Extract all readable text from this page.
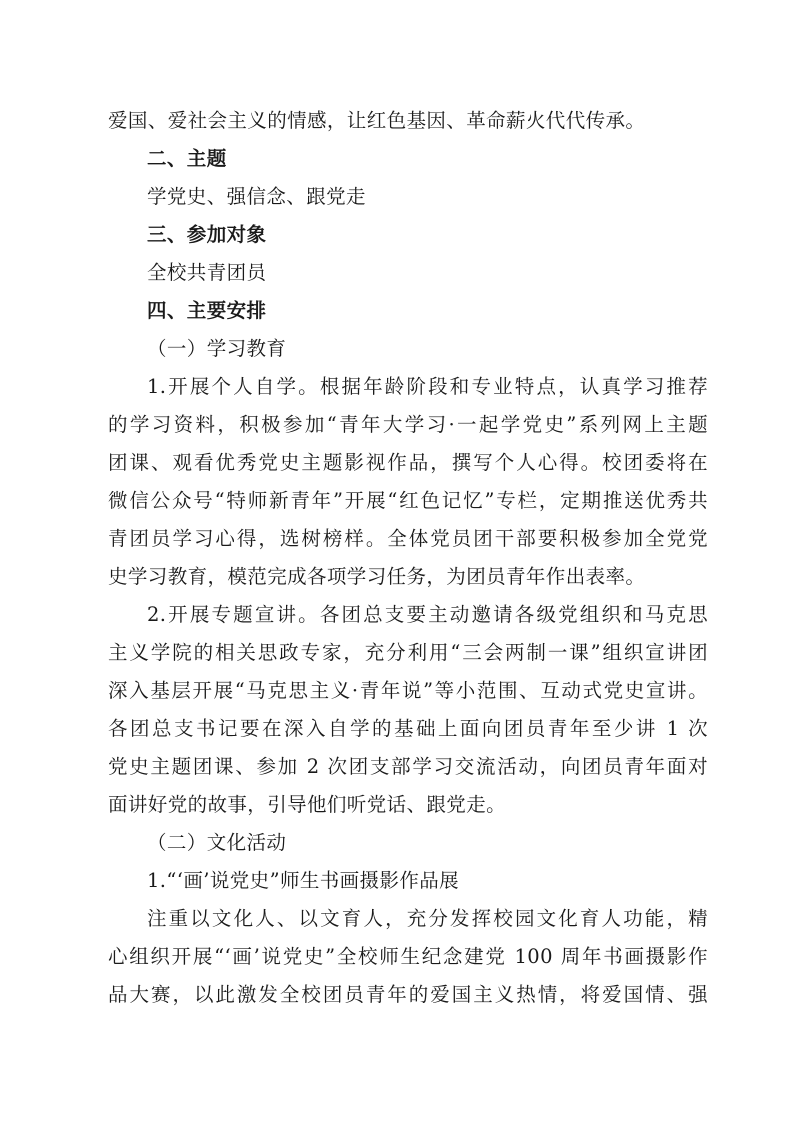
爱国、爱社会主义的情感，让红色基因、革命薪火代代传承。
二、主题
学党史、强信念、跟党走
三、参加对象
全校共青团员
四、主要安排
（一）学习教育
1.开展个人自学。根据年龄阶段和专业特点，认真学习推荐
的学习资料，积极参加“青年大学习·一起学党史”系列网上主题
团课、观看优秀党史主题影视作品，撰写个人心得。校团委将在
微信公众号“特师新青年”开展“红色记忆”专栏，定期推送优秀共
青团员学习心得，选树榜样。全体党员团干部要积极参加全党党
史学习教育，模范完成各项学习任务，为团员青年作出表率。
2.开展专题宣讲。各团总支要主动邀请各级党组织和马克思
主义学院的相关思政专家，充分利用“三会两制一课”组织宣讲团
深入基层开展“马克思主义·青年说”等小范围、互动式党史宣讲。
各团总支书记要在深入自学的基础上面向团员青年至少讲 1 次
党史主题团课、参加 2 次团支部学习交流活动，向团员青年面对
面讲好党的故事，引导他们听党话、跟党走。
（二）文化活动
1.“‘画’说党史”师生书画摄影作品展
注重以文化人、以文育人，充分发挥校园文化育人功能，精
心组织开展“‘画’说党史”全校师生纪念建党 100 周年书画摄影作
品大赛，以此激发全校团员青年的爱国主义热情，将爱国情、强
